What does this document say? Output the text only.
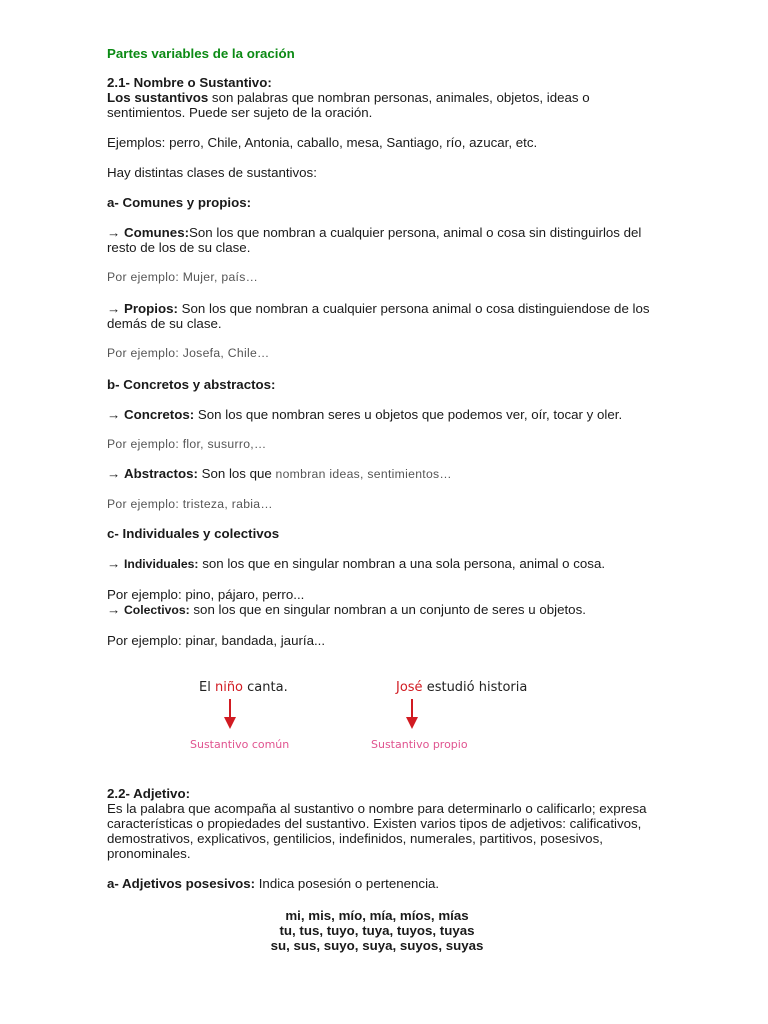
Partes variables de la oración
2.1- Nombre o Sustantivo:
Los sustantivos son palabras que nombran personas, animales, objetos, ideas o sentimientos. Puede ser sujeto de la oración.
Ejemplos: perro, Chile, Antonia, caballo, mesa, Santiago, río, azucar, etc.
Hay distintas clases de sustantivos:
a- Comunes y propios:
→ Comunes:Son los que nombran a cualquier persona, animal o cosa sin distinguirlos del resto de los de su clase.
Por ejemplo: Mujer, país…
→ Propios: Son los que nombran a cualquier persona animal o cosa distinguiendose de los demás de su clase.
Por ejemplo: Josefa, Chile…
b- Concretos y abstractos:
→ Concretos: Son los que nombran seres u objetos que podemos ver, oír, tocar y oler.
Por ejemplo: flor, susurro,…
→ Abstractos: Son los que nombran ideas, sentimientos…
Por ejemplo: tristeza, rabia…
c- Individuales y colectivos
→ Individuales: son los que en singular nombran a una sola persona, animal o cosa.
Por ejemplo: pino, pájaro, perro...
→ Colectivos: son los que en singular nombran a un conjunto de seres u objetos.
Por ejemplo: pinar, bandada, jauría...
El niño canta.
Sustantivo común
José estudió historia
Sustantivo propio
2.2- Adjetivo:
Es la palabra que acompaña al sustantivo o nombre para determinarlo o calificarlo; expresa características o propiedades del sustantivo. Existen varios tipos de adjetivos: calificativos, demostrativos, explicativos, gentilicios, indefinidos, numerales, partitivos, posesivos, pronominales.
a- Adjetivos posesivos: Indica posesión o pertenencia.
mi, mis, mío, mía, míos, mías
tu, tus, tuyo, tuya, tuyos, tuyas
su, sus, suyo, suya, suyos, suyas
